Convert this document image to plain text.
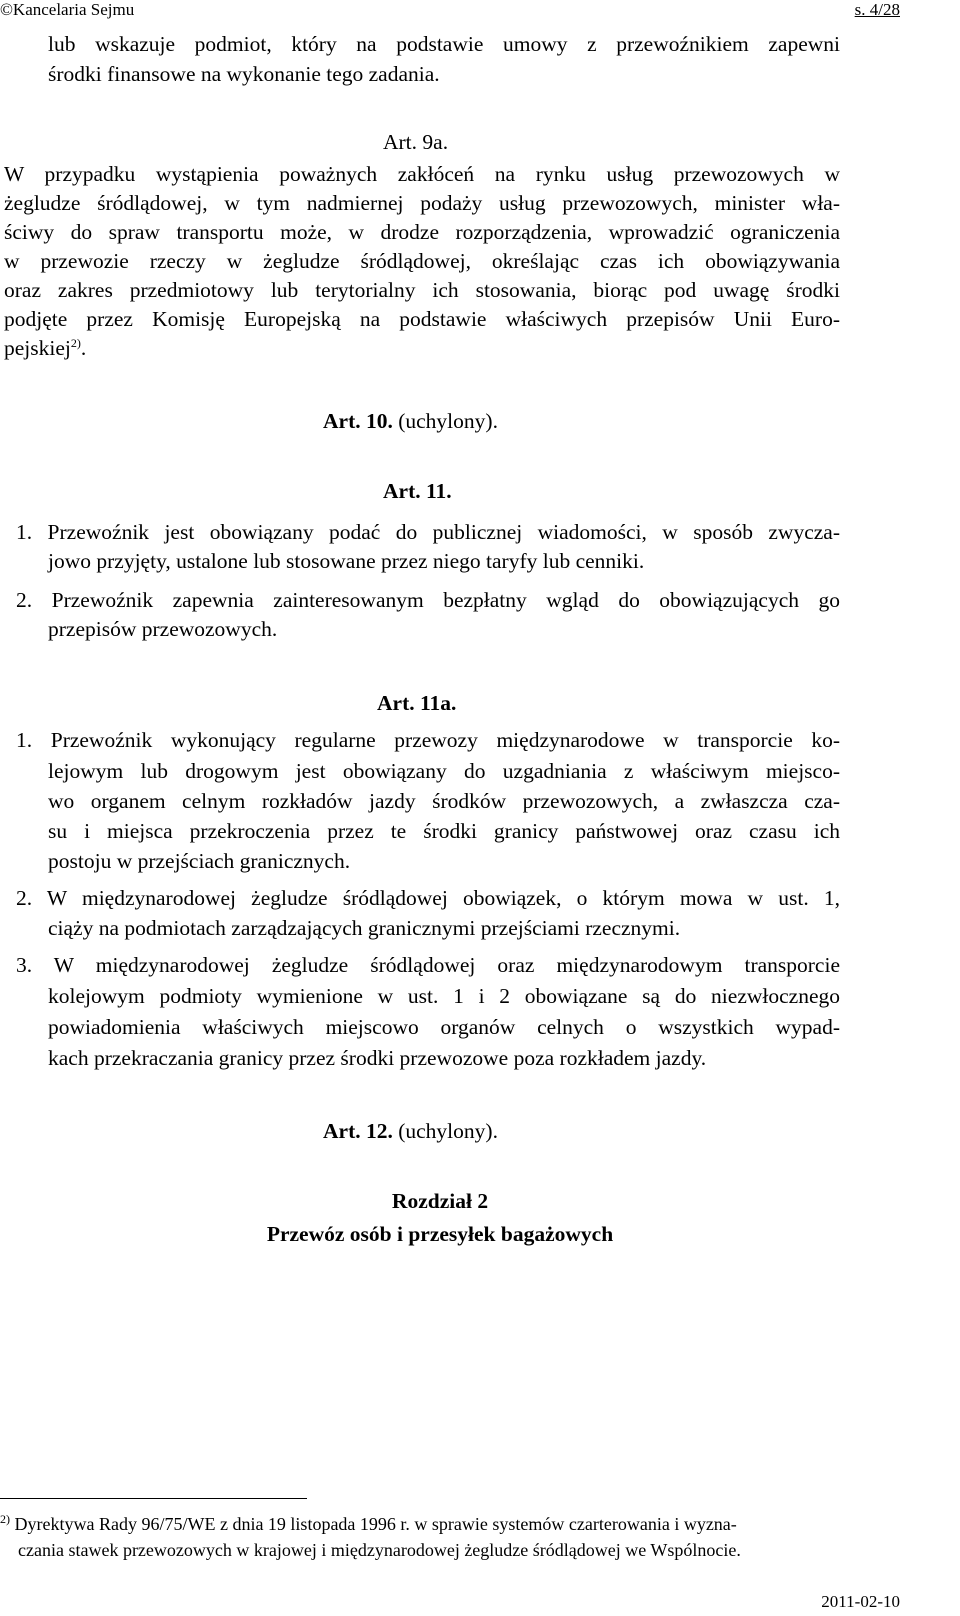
©Kancelaria Sejmu	s. 4/28
lub wskazuje podmiot, który na podstawie umowy z przewoźnikiem zapewni
środki finansowe na wykonanie tego zadania.
Art. 9a.
W przypadku wystąpienia poważnych zakłóceń na rynku usług przewozowych w
żegludze śródlądowej, w tym nadmiernej podaży usług przewozowych, minister wła-
ściwy do spraw transportu może, w drodze rozporządzenia, wprowadzić ograniczenia
w przewozie rzeczy w żegludze śródlądowej, określając czas ich obowiązywania
oraz zakres przedmiotowy lub terytorialny ich stosowania, biorąc pod uwagę środki
podjęte przez Komisję Europejską na podstawie właściwych przepisów Unii Euro-
pejskiej$^{2)}$.
Art. 10. (uchylony).
Art. 11.
1. Przewoźnik jest obowiązany podać do publicznej wiadomości, w sposób zwycza-
jowo przyjęty, ustalone lub stosowane przez niego taryfy lub cenniki.
2. Przewoźnik zapewnia zainteresowanym bezpłatny wgląd do obowiązujących go
przepisów przewozowych.
Art. 11a.
1. Przewoźnik wykonujący regularne przewozy międzynarodowe w transporcie ko-
lejowym lub drogowym jest obowiązany do uzgadniania z właściwym miejsco-
wo organem celnym rozkładów jazdy środków przewozowych, a zwłaszcza cza-
su i miejsca przekroczenia przez te środki granicy państwowej oraz czasu ich
postoju w przejściach granicznych.
2. W międzynarodowej żegludze śródlądowej obowiązek, o którym mowa w ust. 1,
ciąży na podmiotach zarządzających granicznymi przejściami rzecznymi.
3. W międzynarodowej żegludze śródlądowej oraz międzynarodowym transporcie
kolejowym podmioty wymienione w ust. 1 i 2 obowiązane są do niezwłocznego
powiadomienia właściwych miejscowo organów celnych o wszystkich wypad-
kach przekraczania granicy przez środki przewozowe poza rozkładem jazdy.
Art. 12. (uchylony).
Rozdział 2
Przewóz osób i przesyłek bagażowych
$^{2)}$ Dyrektywa Rady 96/75/WE z dnia 19 listopada 1996 r. w sprawie systemów czarterowania i wyzna-
czania stawek przewozowych w krajowej i międzynarodowej żegludze śródlądowej we Wspólnocie.
2011-02-10
